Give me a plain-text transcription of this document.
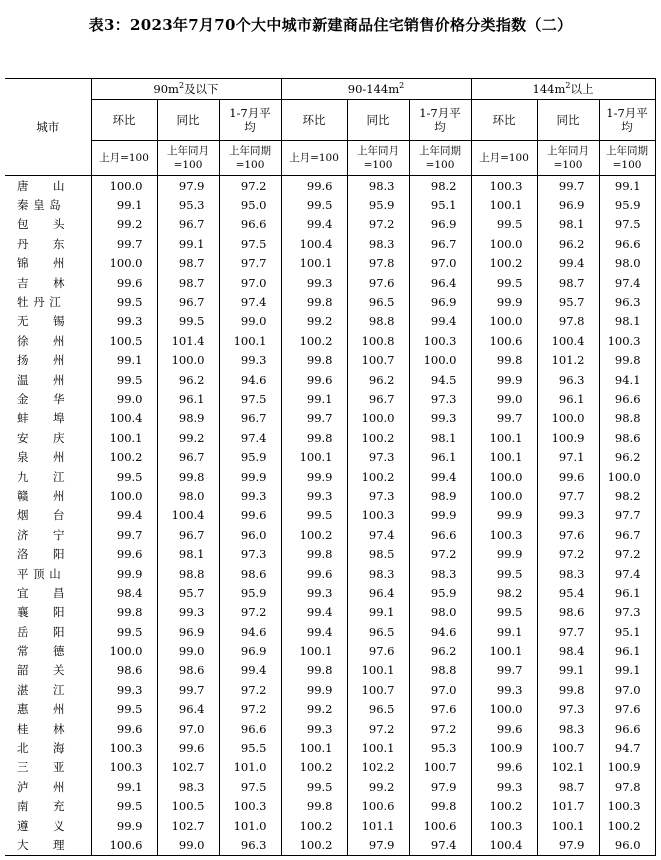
表3：2023年7月70个大中城市新建商品住宅销售价格分类指数（二）
城市	$90m^2$及以下			$90-144m^2$			$144m^2$以上		
	环比	同比	1-7月平均	环比	同比	1-7月平均	环比	同比	1-7月平均
	上月=100	上年同月=100	上年同期=100	上月=100	上年同月=100	上年同期=100	上月=100	上年同月=100	上年同期=100
唐　　山	100.0	97.9	97.2	99.6	98.3	98.2	100.3	99.7	99.1
秦 皇 岛	99.1	95.3	95.0	99.5	95.9	95.1	100.1	96.9	95.9
包　　头	99.2	96.7	96.6	99.4	97.2	96.9	99.5	98.1	97.5
丹　　东	99.7	99.1	97.5	100.4	98.3	96.7	100.0	96.2	96.6
锦　　州	100.0	98.7	97.7	100.1	97.8	97.0	100.2	99.4	98.0
吉　　林	99.6	98.7	97.0	99.3	97.6	96.4	99.5	98.7	97.4
牡 丹 江	99.5	96.7	97.4	99.8	96.5	96.9	99.9	95.7	96.3
无　　锡	99.3	99.5	99.0	99.2	98.8	99.4	100.0	97.8	98.1
徐　　州	100.5	101.4	100.1	100.2	100.8	100.3	100.6	100.4	100.3
扬　　州	99.1	100.0	99.3	99.8	100.7	100.0	99.8	101.2	99.8
温　　州	99.5	96.2	94.6	99.6	96.2	94.5	99.9	96.3	94.1
金　　华	99.0	96.1	97.5	99.1	96.7	97.3	99.0	96.1	96.6
蚌　　埠	100.4	98.9	96.7	99.7	100.0	99.3	99.7	100.0	98.8
安　　庆	100.1	99.2	97.4	99.8	100.2	98.1	100.1	100.9	98.6
泉　　州	100.2	96.7	95.9	100.1	97.3	96.1	100.1	97.1	96.2
九　　江	99.5	99.8	99.9	99.9	100.2	99.4	100.0	99.6	100.0
赣　　州	100.0	98.0	99.3	99.3	97.3	98.9	100.0	97.7	98.2
烟　　台	99.4	100.4	99.6	99.5	100.3	99.9	99.9	99.3	97.7
济　　宁	99.7	96.7	96.0	100.2	97.4	96.6	100.3	97.6	96.7
洛　　阳	99.6	98.1	97.3	99.8	98.5	97.2	99.9	97.2	97.2
平 顶 山	99.9	98.8	98.6	99.6	98.3	98.3	99.5	98.3	97.4
宜　　昌	98.4	95.7	95.9	99.3	96.4	95.9	98.2	95.4	96.1
襄　　阳	99.8	99.3	97.2	99.4	99.1	98.0	99.5	98.6	97.3
岳　　阳	99.5	96.9	94.6	99.4	96.5	94.6	99.1	97.7	95.1
常　　德	100.0	99.0	96.9	100.1	97.6	96.2	100.1	98.4	96.1
韶　　关	98.6	98.6	99.4	99.8	100.1	98.8	99.7	99.1	99.1
湛　　江	99.3	99.7	97.2	99.9	100.7	97.0	99.3	99.8	97.0
惠　　州	99.5	96.4	97.2	99.2	96.5	97.6	100.0	97.3	97.6
桂　　林	99.6	97.0	96.6	99.3	97.2	97.2	99.6	98.3	96.6
北　　海	100.3	99.6	95.5	100.1	100.1	95.3	100.9	100.7	94.7
三　　亚	100.3	102.7	101.0	100.2	102.2	100.7	99.6	102.1	100.9
泸　　州	99.1	98.3	97.5	99.5	99.2	97.9	99.3	98.7	97.8
南　　充	99.5	100.5	100.3	99.8	100.6	99.8	100.2	101.7	100.3
遵　　义	99.9	102.7	101.0	100.2	101.1	100.6	100.3	100.1	100.2
大　　理	100.6	99.0	96.3	100.2	97.9	97.4	100.4	97.9	96.0
